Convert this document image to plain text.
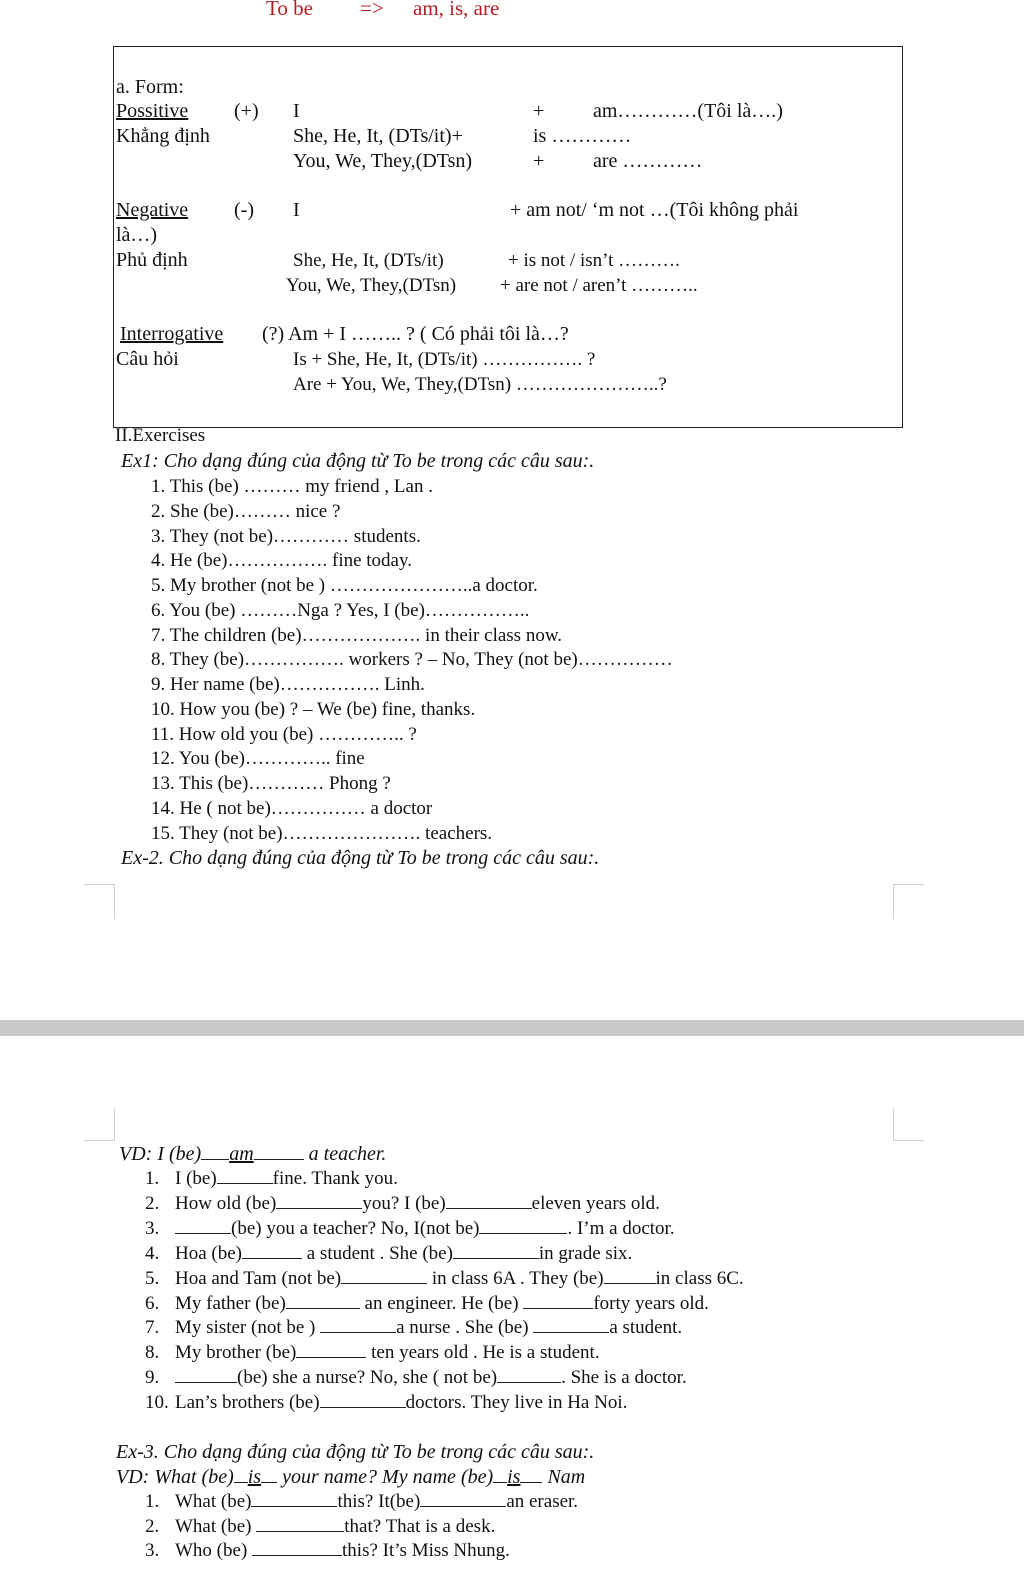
To be => am, is, are
a. Form:
Possitive (+)
Khẳng định
I	+ am…………(Tôi là….)
She, He, It, (DTs/it)+	is …………
You, We, They,(DTsn)	+ are …………
Negative (-) I	+ am not/ ‘m not …(Tôi không phải
là…)
Phủ định	She, He, It, (DTs/it)	+ is not / isn’t ……….
You, We, They,(DTsn) + are not / aren’t ………..
Interrogative (?) Am + I …….. ? ( Có phải tôi là…?
Câu hỏi	Is + She, He, It, (DTs/it) ……………. ?
Are + You, We, They,(DTsn) …………………..?
II.Exercises
Ex1: Cho dạng đúng của động từ To be trong các câu sau:.
1. This (be) ……… my friend , Lan .
2. She (be)……… nice ?
3. They (not be)………… students.
4. He (be)……………. fine today.
5. My brother (not be ) …………………..a doctor.
6. You (be) ………Nga ? Yes, I (be)……………..
7. The children (be)………………. in their class now.
8. They (be)……………. workers ? – No, They (not be)……………
9. Her name (be)……………. Linh.
10. How you (be) ? – We (be) fine, thanks.
11. How old you (be) ………….. ?
12. You (be)………….. fine
13. This (be)………… Phong ?
14. He ( not be)…………… a doctor
15. They (not be)…………………. teachers.
Ex-2. Cho dạng đúng của động từ To be trong các câu sau:.
VD: I (be) am	a teacher.
1. I (be)	fine. Thank you.
2. How old (be)	you? I (be)	eleven years old.
3.	(be) you a teacher? No, I(not be)	. I’m a doctor.
4. Hoa (be)	a student . She (be)	in grade six.
5. Hoa and Tam (not be)	in class 6A . They (be)	in class 6C.
6. My father (be)	an engineer. He (be)	forty years old.
7. My sister (not be )	a nurse . She (be)	a student.
8. My brother (be)	ten years old . He is a student.
9.	(be) she a nurse? No, she ( not be)	. She is a doctor.
10. Lan’s brothers (be)	doctors. They live in Ha Noi.
Ex-3. Cho dạng đúng của động từ To be trong các câu sau:.
VD: What (be) is your name? My name (be) is Nam
1. What (be)	this? It(be)	an eraser.
2. What (be)	that? That is a desk.
3. Who (be)	this? It’s Miss Nhung.
